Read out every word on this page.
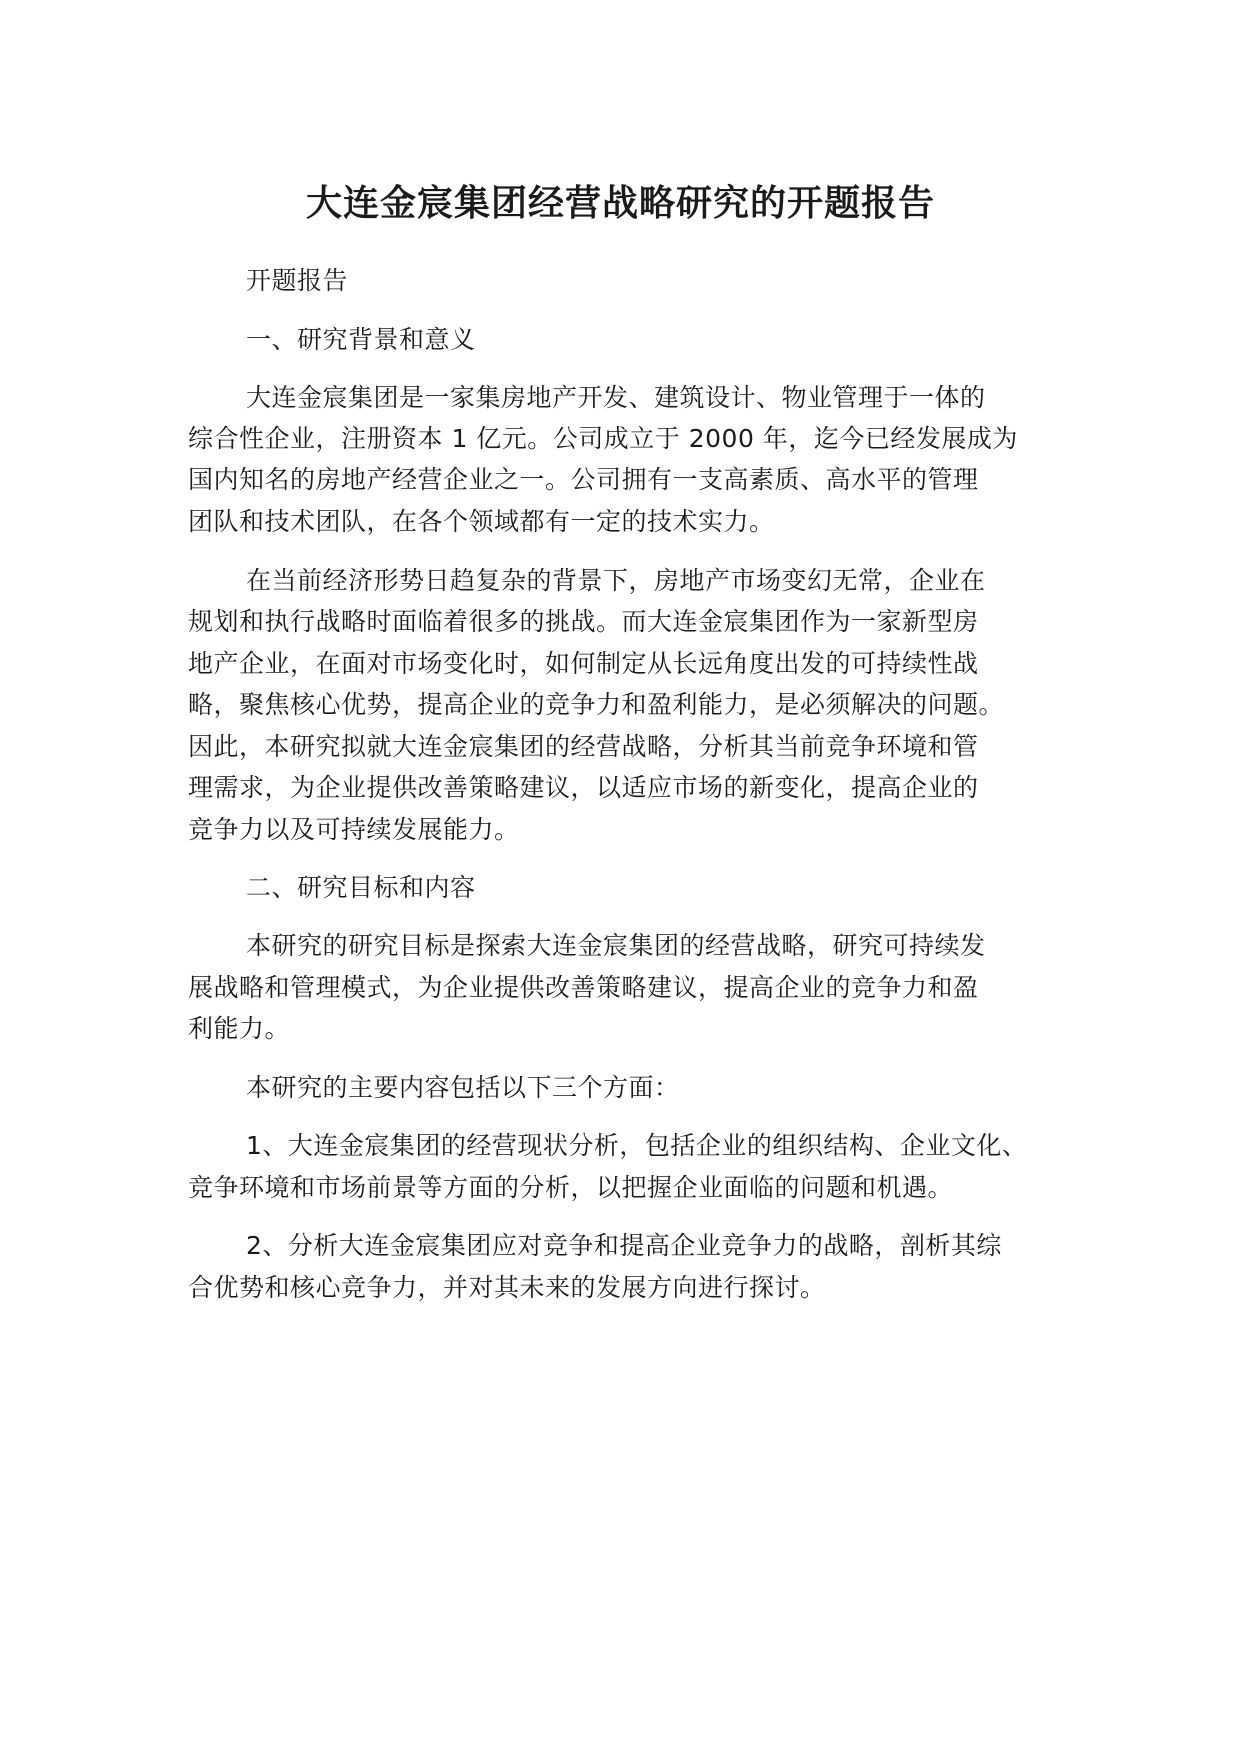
大连金宸集团经营战略研究的开题报告
开题报告
一、研究背景和意义
大连金宸集团是一家集房地产开发、建筑设计、物业管理于一体的
综合性企业，注册资本 1 亿元。公司成立于 2000 年，迄今已经发展成为
国内知名的房地产经营企业之一。公司拥有一支高素质、高水平的管理
团队和技术团队，在各个领域都有一定的技术实力。
在当前经济形势日趋复杂的背景下，房地产市场变幻无常，企业在
规划和执行战略时面临着很多的挑战。而大连金宸集团作为一家新型房
地产企业，在面对市场变化时，如何制定从长远角度出发的可持续性战
略，聚焦核心优势，提高企业的竞争力和盈利能力，是必须解决的问题。
因此，本研究拟就大连金宸集团的经营战略，分析其当前竞争环境和管
理需求，为企业提供改善策略建议，以适应市场的新变化，提高企业的
竞争力以及可持续发展能力。
二、研究目标和内容
本研究的研究目标是探索大连金宸集团的经营战略，研究可持续发
展战略和管理模式，为企业提供改善策略建议，提高企业的竞争力和盈
利能力。
本研究的主要内容包括以下三个方面：
1、大连金宸集团的经营现状分析，包括企业的组织结构、企业文化、
竞争环境和市场前景等方面的分析，以把握企业面临的问题和机遇。
2、分析大连金宸集团应对竞争和提高企业竞争力的战略，剖析其综
合优势和核心竞争力，并对其未来的发展方向进行探讨。
